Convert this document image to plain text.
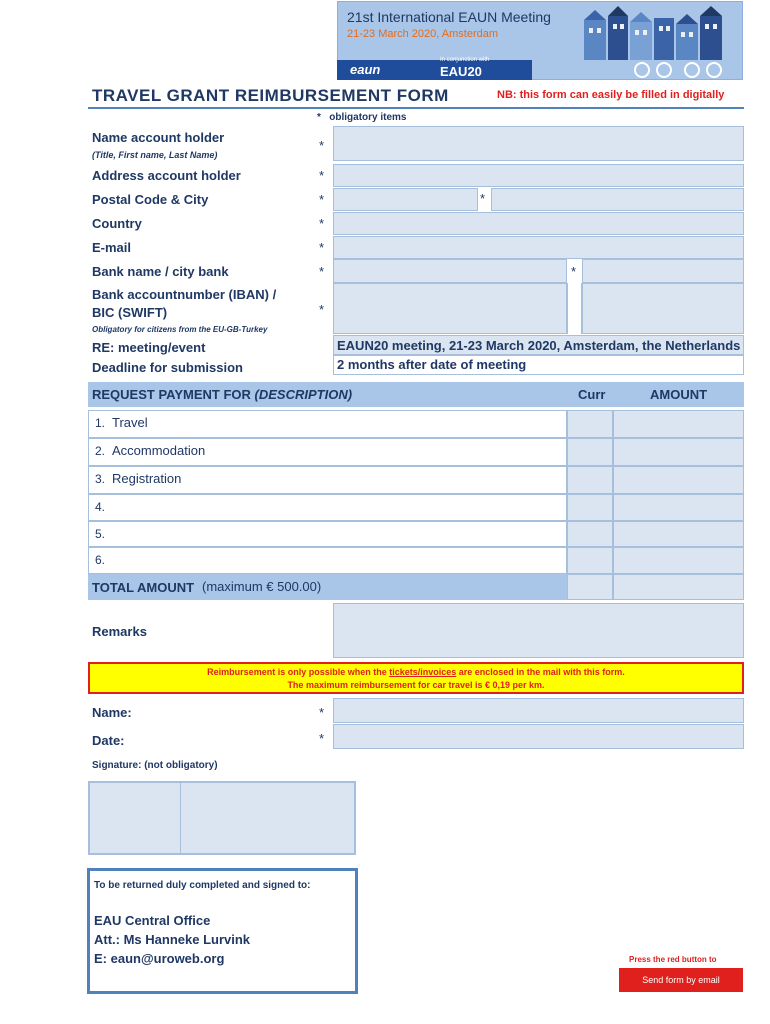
21st International EAUN Meeting
21-23 March 2020, Amsterdam
eaun
In conjunction with
EAU20
TRAVEL GRANT REIMBURSEMENT FORM	NB: this form can easily be filled in digitally
* obligatory items
Name account holder
(Title, First name, Last Name)
*
Address account holder	*
Postal Code & City	*	*
Country	*
E-mail	*
Bank name / city bank	*	*
Bank accountnumber (IBAN) /
BIC (SWIFT)
Obligatory for citizens from the EU-GB-Turkey
*
RE: meeting/event	EAUN20 meeting, 21-23 March 2020, Amsterdam, the Netherlands
Deadline for submission	2 months after date of meeting
REQUEST PAYMENT FOR (DESCRIPTION)	Curr	AMOUNT
1. Travel
2. Accommodation
3. Registration
4.
5.
6.
TOTAL AMOUNT (maximum € 500.00)
Remarks
Reimbursement is only possible when the tickets/invoices are enclosed in the mail with this form.
The maximum reimbursement for car travel is € 0,19 per km.
Name:	*
Date:	*
Signature: (not obligatory)
To be returned duly completed and signed to:
EAU Central Office
Att.: Ms Hanneke Lurvink
E: eaun@uroweb.org	Press the red button to
Send form by email
